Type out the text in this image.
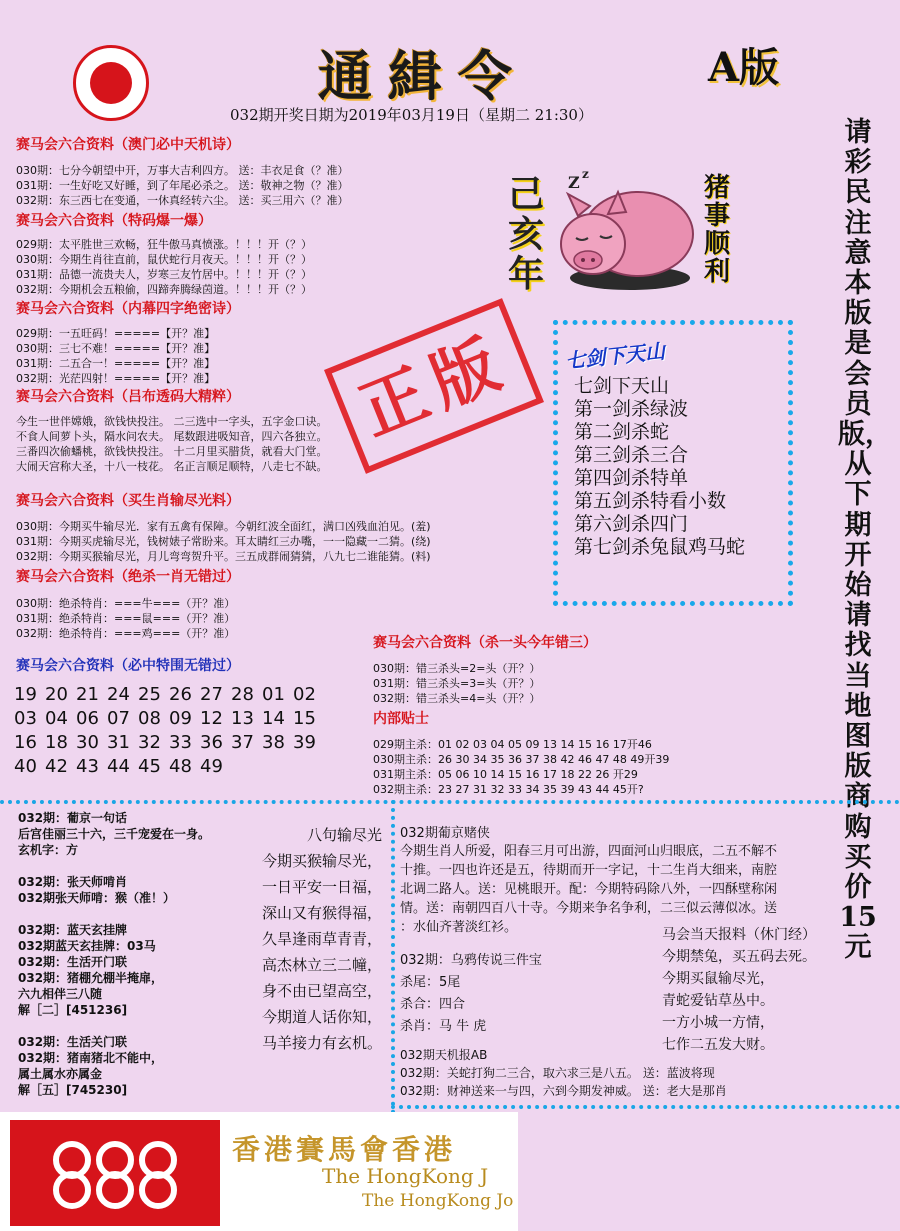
通緝令	A版
032期开奖日期为2019年03月19日（星期二 21:30）
请彩民注意本版是会员版，从下期开始请找当地图版商购买价15元
赛马会六合资料（澳门必中天机诗）
030期：七分今朝望中开，万事大吉利四方。 送：丰衣足食（？准）
031期：一生好吃又好睡，到了年尾必杀之。 送：敬神之物（？准）
032期：东三西七在变通，一休真经转六尘。 送：买三用六（？准）
赛马会六合资料（特码爆一爆）
029期：太平胜世三欢畅，狂牛傲马真愤涨。！！！开（？）
030期：今期生肖往直前，鼠伏蛇行月夜天。！！！开（？）
031期：品德一流贵夫人，岁寒三友竹居中。！！！开（？）
032期：今期机会五粮偷，四蹄奔腾绿茵道。！！！开（？）
赛马会六合资料（内幕四字绝密诗）
029期：一五旺码！=====【开？准】
030期：三七不难！=====【开？准】
031期：二五合一！=====【开？准】
032期：光茫四射！=====【开？准】
赛马会六合资料（吕布透码大精粹）
今生一世伴嫦娥，欲钱快投注。 二三选中一字头，五字金口诀。
不食人间萝卜头，隔水问农夫。 尾数跟进吸知音，四六各独立。
三番四次偷蟠桃，欲钱快投注。 十二月里买腊货，就看大门堂。
大闹天宫称大圣，十八一枝花。 名正言顺足顺特，八走七不缺。
赛马会六合资料（买生肖输尽光料）
030期：今期买牛输尽光．家有五禽有保障。今朝红波全面红，满口凶残血泊见。(羞)
031期：今期买虎输尽光，钱树婊子常盼来。耳太睛红三办嘴，一一隐藏一二猜。(绕)
032期：今期买猴输尽光，月儿弯弯贺升平。三五成群闹猜猜，八九七二谁能猜。(料)
赛马会六合资料（绝杀一肖无错过）
030期：绝杀特肖：===牛===（开？准）
031期：绝杀特肖：===鼠===（开？准）
032期：绝杀特肖：===鸡===（开？准）
赛马会六合资料（必中特围无错过）
19 20 21 24 25 26 27 28 01 02
03 04 06 07 08 09 12 13 14 15
16 18 30 31 32 33 36 37 38 39
40 42 43 44 45 48 49
己亥年
猪事顺利
Z z
正版	七剑下天山
七剑下天山
第一剑杀绿波
第二剑杀蛇
第三剑杀三合
第四剑杀特单
第五剑杀特看小数
第六剑杀四门
第七剑杀兔鼠鸡马蛇
赛马会六合资料（杀一头今年错三）
030期：错三杀头=2=头（开？）
031期：错三杀头=3=头（开？）
032期：错三杀头=4=头（开？）
内部贴士
029期主杀：01 02 03 04 05 09 13 14 15 16 17开46
030期主杀：26 30 34 35 36 37 38 42 46 47 48 49开39
031期主杀：05 06 10 14 15 16 17 18 22 26 开29
032期主杀：23 27 31 32 33 34 35 39 43 44 45开?
032期：葡京一句话
后宫佳丽三十六，三千宠爱在一身。
玄机字：方

032期：张天师啃肖
032期张天师啃：猴（准！）

032期：蓝天玄挂牌
032期蓝天玄挂牌：03马
032期：生活开门联
032期：猪棚允棚半掩扉，
六九相伴三八随
解［二］[451236]

032期：生活关门联
032期：猪南猪北不能中，
属土属水亦属金
解［五］[745230]
八句输尽光
今期买猴输尽光，
一日平安一日福，
深山又有猴得福，
久旱逢雨草青青，
高杰林立三二幢，
身不由已望高空，
今期道人话你知，
马羊接力有玄机。
032期葡京赌侠
今期生肖人所爱，阳春三月可出游，四面河山归眼底，二五不解不
十推。一四也许还是五，待期而开一字记，十二生肖大细来，南腔
北调二路人。送：见桃眼开。配：今期特码除八外，一四酥壁称闲
情。送：南朝四百八十寺。今期来争名争利，二三似云薄似冰。送
：水仙齐著淡红衫。
032期：乌鸦传说三件宝
杀尾：5尾
杀合：四合
杀肖：马 牛 虎
马会当天报料（休门经）
今期禁兔，买五码去死。
今期买鼠输尽光，
青蛇爱钻草丛中。
一方小城一方情，
七作二五发大财。
032期天机报AB
032期：关蛇打狗二三合，取六求三是八五。 送：蓝波将现
032期：财神送来一与四，六到今期发神威。 送：老大是那肖
香港賽馬會香港
The HongKong J
The HongKong Jo
